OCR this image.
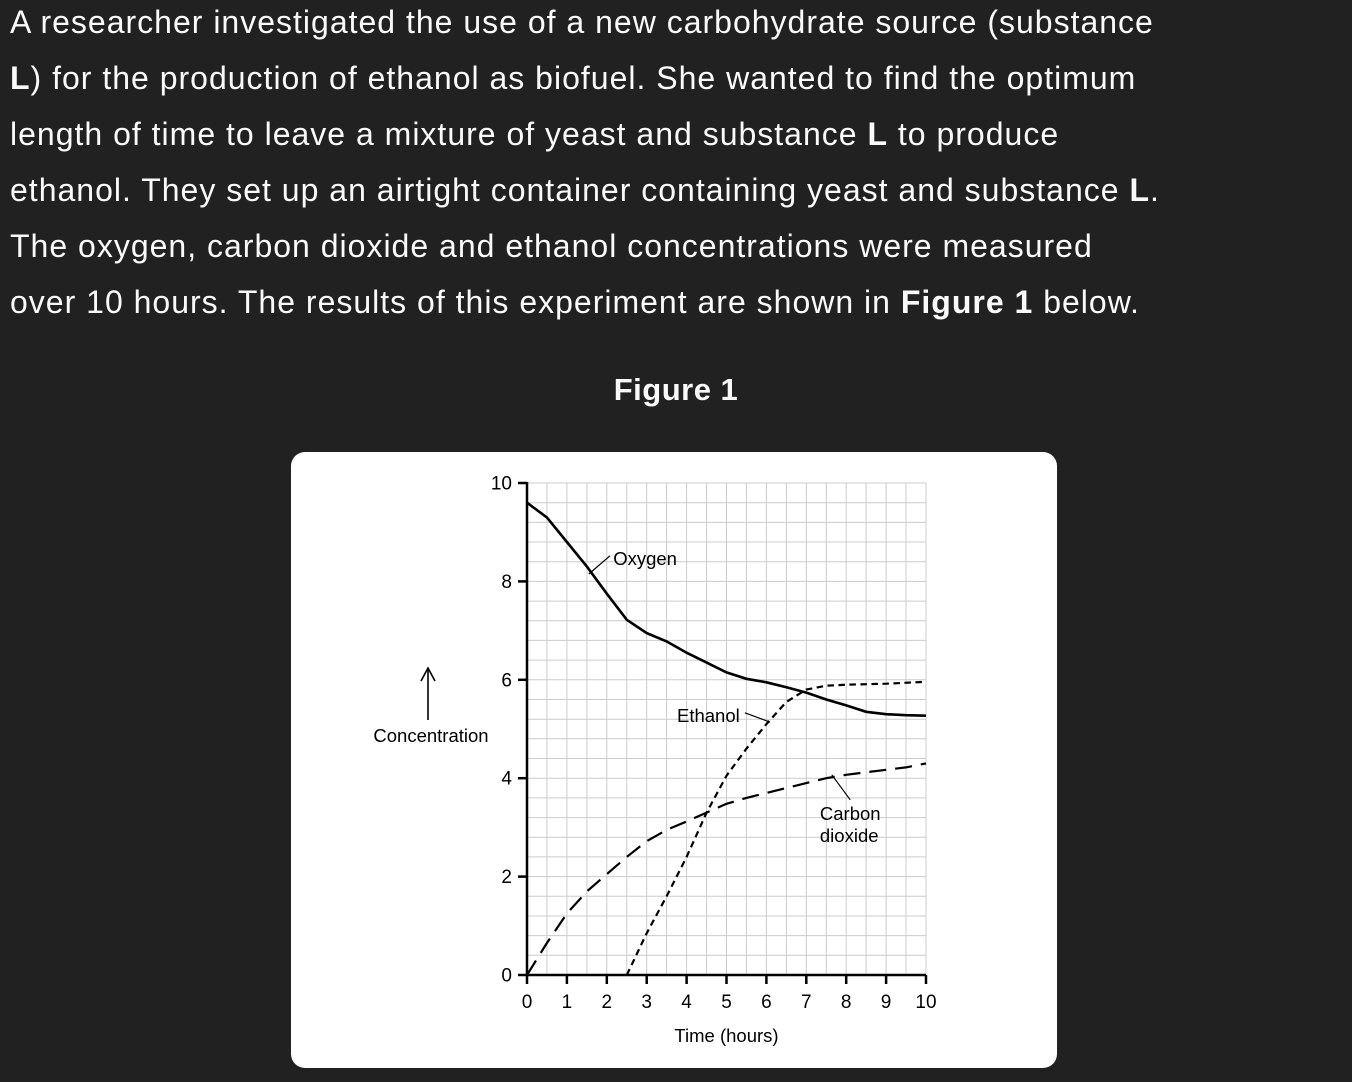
A researcher investigated the use of a new carbohydrate source (substance
L) for the production of ethanol as biofuel. She wanted to find the optimum
length of time to leave a mixture of yeast and substance L to produce
ethanol. They set up an airtight container containing yeast and substance L.
The oxygen, carbon dioxide and ethanol concentrations were measured
over 10 hours. The results of this experiment are shown in Figure 1 below.
Figure 1
0
2
4
6
8
10
0 1 2 3 4 5 6 7 8 9 10
Oxygen
Ethanol
Carbon
dioxide
Time (hours)
Concentration
